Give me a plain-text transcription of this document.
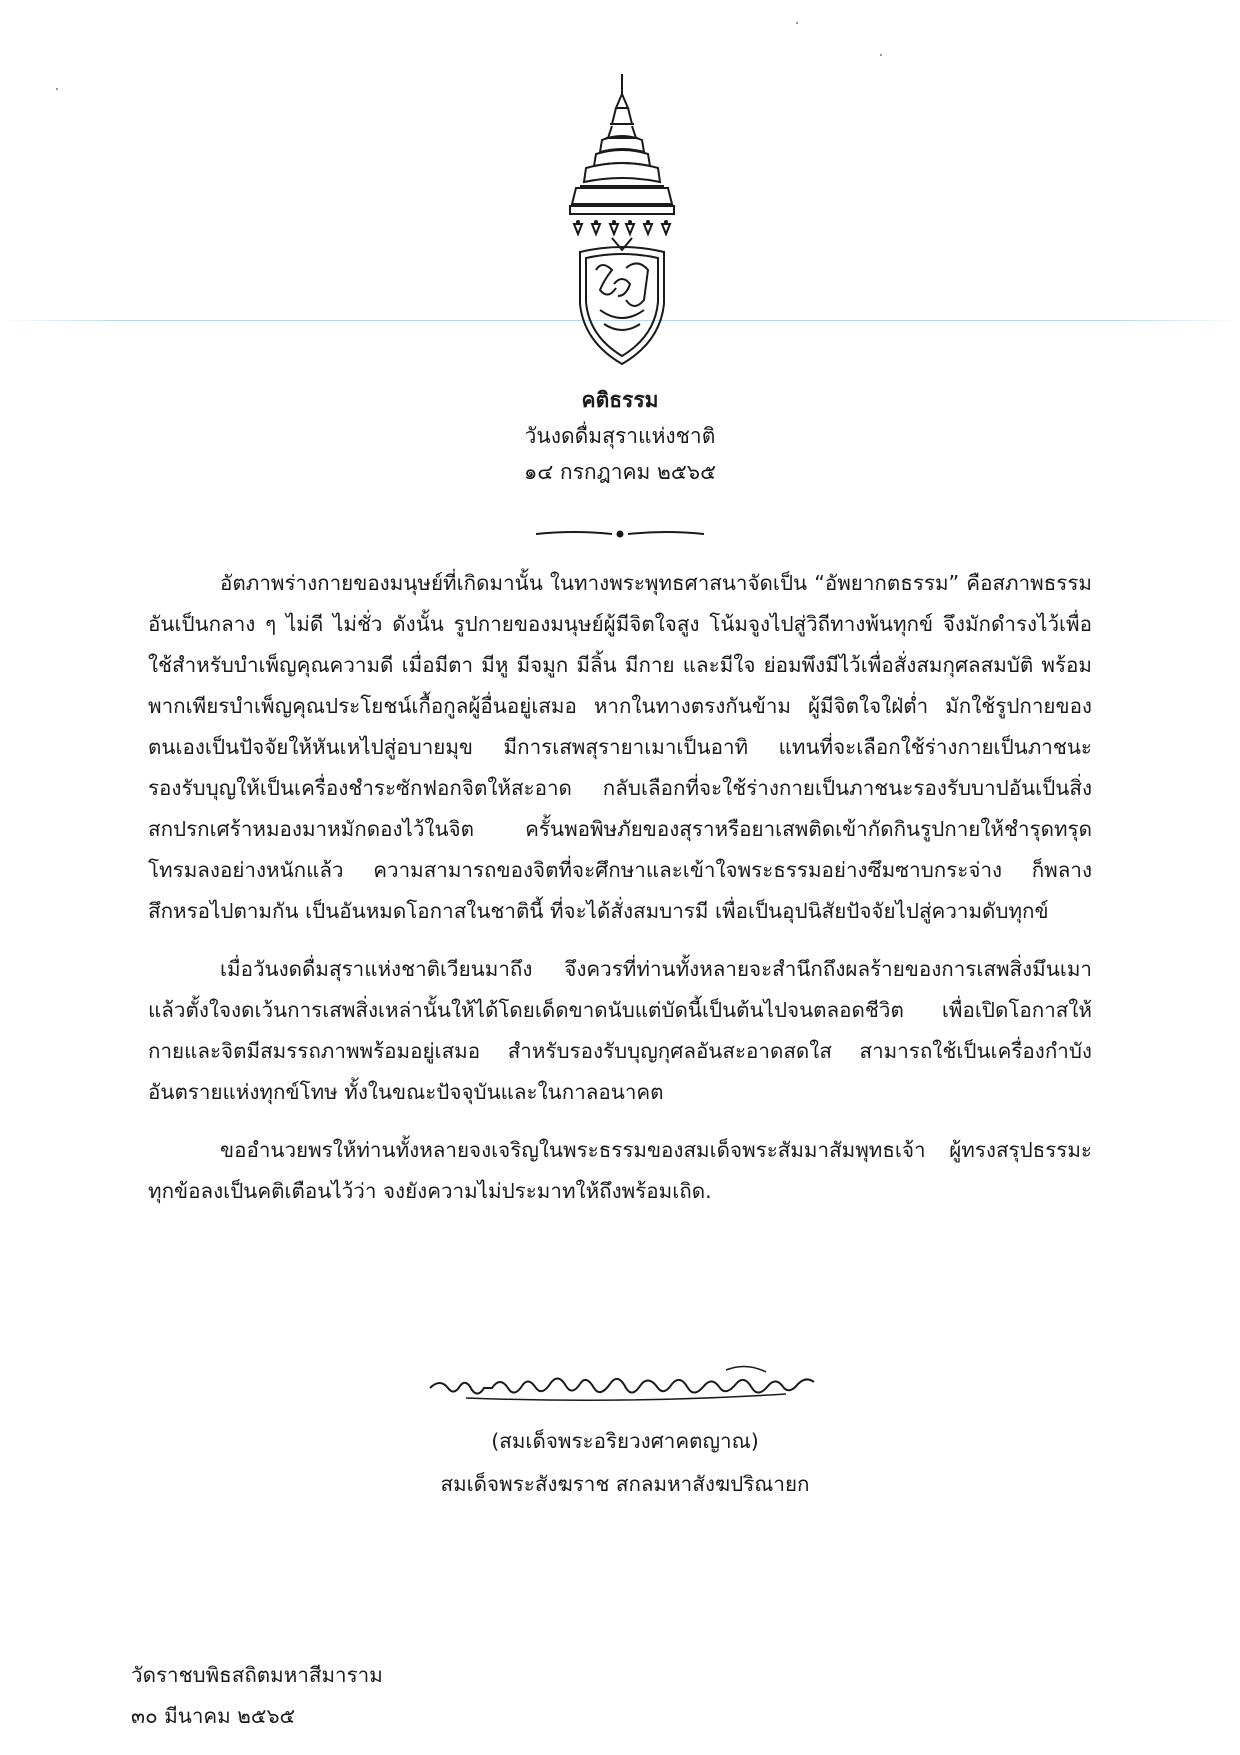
คติธรรม
วันงดดื่มสุราแห่งชาติ
๑๔ กรกฎาคม ๒๕๖๕

อัตภาพร่างกายของมนุษย์ที่เกิดมานั้น ในทางพระพุทธศาสนาจัดเป็น “อัพยากตธรรม” คือสภาพธรรมอันเป็นกลาง ๆ ไม่ดี ไม่ชั่ว ดังนั้น รูปกายของมนุษย์ผู้มีจิตใจสูง โน้มจูงไปสู่วิถีทางพ้นทุกข์ จึงมักดำรงไว้เพื่อใช้สำหรับบำเพ็ญคุณความดี เมื่อมีตา มีหู มีจมูก มีลิ้น มีกาย และมีใจ ย่อมพึงมีไว้เพื่อสั่งสมกุศลสมบัติ พร้อมพากเพียรบำเพ็ญคุณประโยชน์เกื้อกูลผู้อื่นอยู่เสมอ หากในทางตรงกันข้าม ผู้มีจิตใจใฝ่ต่ำ มักใช้รูปกายของตนเองเป็นปัจจัยให้หันเหไปสู่อบายมุข มีการเสพสุรายาเมาเป็นอาทิ แทนที่จะเลือกใช้ร่างกายเป็นภาชนะรองรับบุญให้เป็นเครื่องชำระซักฟอกจิตให้สะอาด กลับเลือกที่จะใช้ร่างกายเป็นภาชนะรองรับบาปอันเป็นสิ่งสกปรกเศร้าหมองมาหมักดองไว้ในจิต ครั้นพอพิษภัยของสุราหรือยาเสพติดเข้ากัดกินรูปกายให้ชำรุดทรุดโทรมลงอย่างหนักแล้ว ความสามารถของจิตที่จะศึกษาและเข้าใจพระธรรมอย่างซึมซาบกระจ่าง ก็พลางสึกหรอไปตามกัน เป็นอันหมดโอกาสในชาตินี้ ที่จะได้สั่งสมบารมี เพื่อเป็นอุปนิสัยปัจจัยไปสู่ความดับทุกข์

เมื่อวันงดดื่มสุราแห่งชาติเวียนมาถึง จึงควรที่ท่านทั้งหลายจะสำนึกถึงผลร้ายของการเสพสิ่งมึนเมา แล้วตั้งใจงดเว้นการเสพสิ่งเหล่านั้นให้ได้โดยเด็ดขาดนับแต่บัดนี้เป็นต้นไปจนตลอดชีวิต เพื่อเปิดโอกาสให้กายและจิตมีสมรรถภาพพร้อมอยู่เสมอ สำหรับรองรับบุญกุศลอันสะอาดสดใส สามารถใช้เป็นเครื่องกำบังอันตรายแห่งทุกข์โทษ ทั้งในขณะปัจจุบันและในกาลอนาคต

ขออำนวยพรให้ท่านทั้งหลายจงเจริญในพระธรรมของสมเด็จพระสัมมาสัมพุทธเจ้า ผู้ทรงสรุปธรรมะทุกข้อลงเป็นคติเตือนไว้ว่า จงยังความไม่ประมาทให้ถึงพร้อมเถิด.

(สมเด็จพระอริยวงศาคตญาณ)
สมเด็จพระสังฆราช สกลมหาสังฆปริณายก
วัดราชบพิธสถิตมหาสีมาราม
๓๐ มีนาคม ๒๕๖๕
